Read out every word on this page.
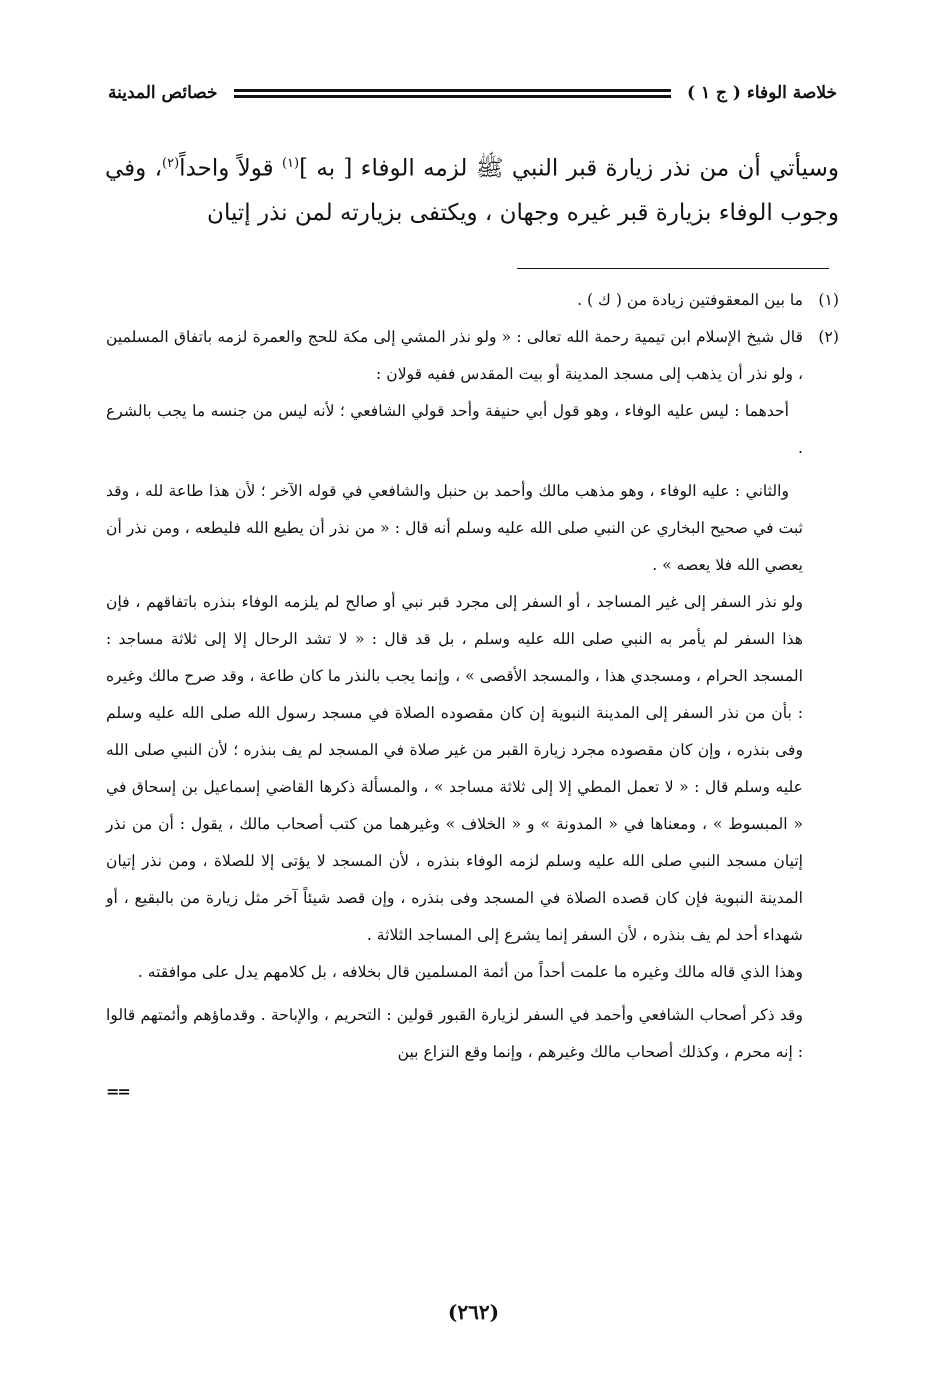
خلاصة الوفاء ( ج ١ )
خصائص المدينة

وسيأتي أن من نذر زيارة قبر النبي ﷺ لزمه الوفاء [ به ]$^{(١)}$ قولاً واحداً$^{(٢)}$، وفي وجوب الوفاء بزيارة قبر غيره وجهان ، ويكتفى بزيارته لمن نذر إتيان

(١)

ما بين المعقوفتين زيادة من ( ك ) .

(٢)

قال شيخ الإسلام ابن تيمية رحمة الله تعالى : « ولو نذر المشي إلى مكة للحج والعمرة لزمه باتفاق المسلمين ، ولو نذر أن يذهب إلى مسجد المدينة أو بيت المقدس ففيه قولان :

أحدهما : ليس عليه الوفاء ، وهو قول أبي حنيفة وأحد قولي الشافعي ؛ لأنه ليس من جنسه ما يجب بالشرع .

والثاني : عليه الوفاء ، وهو مذهب مالك وأحمد بن حنبل والشافعي في قوله الآخر ؛ لأن هذا طاعة لله ، وقد ثبت في صحيح البخاري عن النبي صلى الله عليه وسلم أنه قال : « من نذر أن يطيع الله فليطعه ، ومن نذر أن يعصي الله فلا يعصه » .

ولو نذر السفر إلى غير المساجد ، أو السفر إلى مجرد قبر نبي أو صالح لم يلزمه الوفاء بنذره باتفاقهم ، فإن هذا السفر لم يأمر به النبي صلى الله عليه وسلم ، بل قد قال : « لا تشد الرحال إلا إلى ثلاثة مساجد : المسجد الحرام ، ومسجدي هذا ، والمسجد الأقصى » ، وإنما يجب بالنذر ما كان طاعة ، وقد صرح مالك وغيره : بأن من نذر السفر إلى المدينة النبوية إن كان مقصوده الصلاة في مسجد رسول الله صلى الله عليه وسلم وفى بنذره ، وإن كان مقصوده مجرد زيارة القبر من غير صلاة في المسجد لم يف بنذره ؛ لأن النبي صلى الله عليه وسلم قال : « لا تعمل المطي إلا إلى ثلاثة مساجد » ، والمسألة ذكرها القاضي إسماعيل بن إسحاق في « المبسوط » ، ومعناها في « المدونة » و « الخلاف » وغيرهما من كتب أصحاب مالك ، يقول : أن من نذر إتيان مسجد النبي صلى الله عليه وسلم لزمه الوفاء بنذره ، لأن المسجد لا يؤتى إلا للصلاة ، ومن نذر إتيان المدينة النبوية فإن كان قصده الصلاة في المسجد وفى بنذره ، وإن قصد شيئاً آخر مثل زيارة من بالبقيع ، أو شهداء أحد لم يف بنذره ، لأن السفر إنما يشرع إلى المساجد الثلاثة .

وهذا الذي قاله مالك وغيره ما علمت أحداً من أئمة المسلمين قال بخلافه ، بل كلامهم يدل على موافقته .

وقد ذكر أصحاب الشافعي وأحمد في السفر لزيارة القبور قولين : التحريم ، والإباحة . وقدماؤهم وأئمتهم قالوا : إنه محرم ، وكذلك أصحاب مالك وغيرهم ، وإنما وقع النزاع بين

==
(٢٦٢)
